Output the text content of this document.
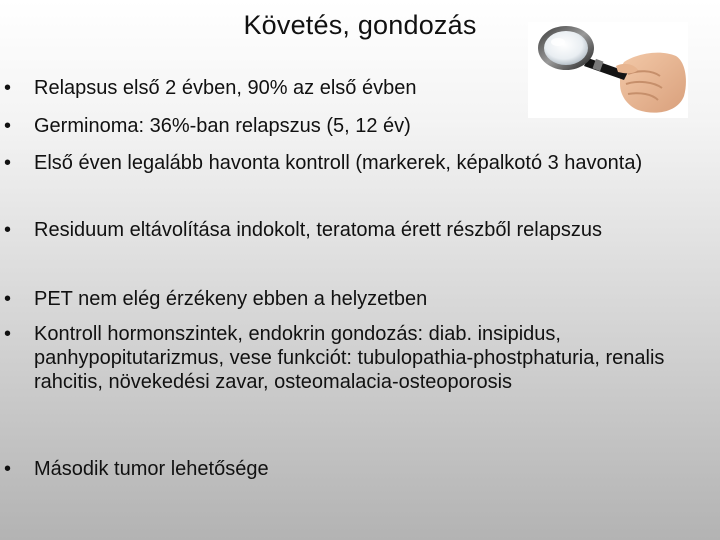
Követés, gondozás
• Relapsus első 2 évben, 90% az első évben
• Germinoma: 36%-ban relapszus (5, 12 év)
• Első éven legalább havonta kontroll (markerek, képalkotó 3 havonta)
• Residuum eltávolítása indokolt, teratoma érett részből relapszus
• PET nem elég érzékeny ebben a helyzetben
• Kontroll hormonszintek, endokrin gondozás: diab. insipidus, panhypopitutarizmus, vese funkciót: tubulopathia-phostphaturia, renalis rahcitis, növekedési zavar, osteomalacia-osteoporosis
• Második tumor lehetősége
